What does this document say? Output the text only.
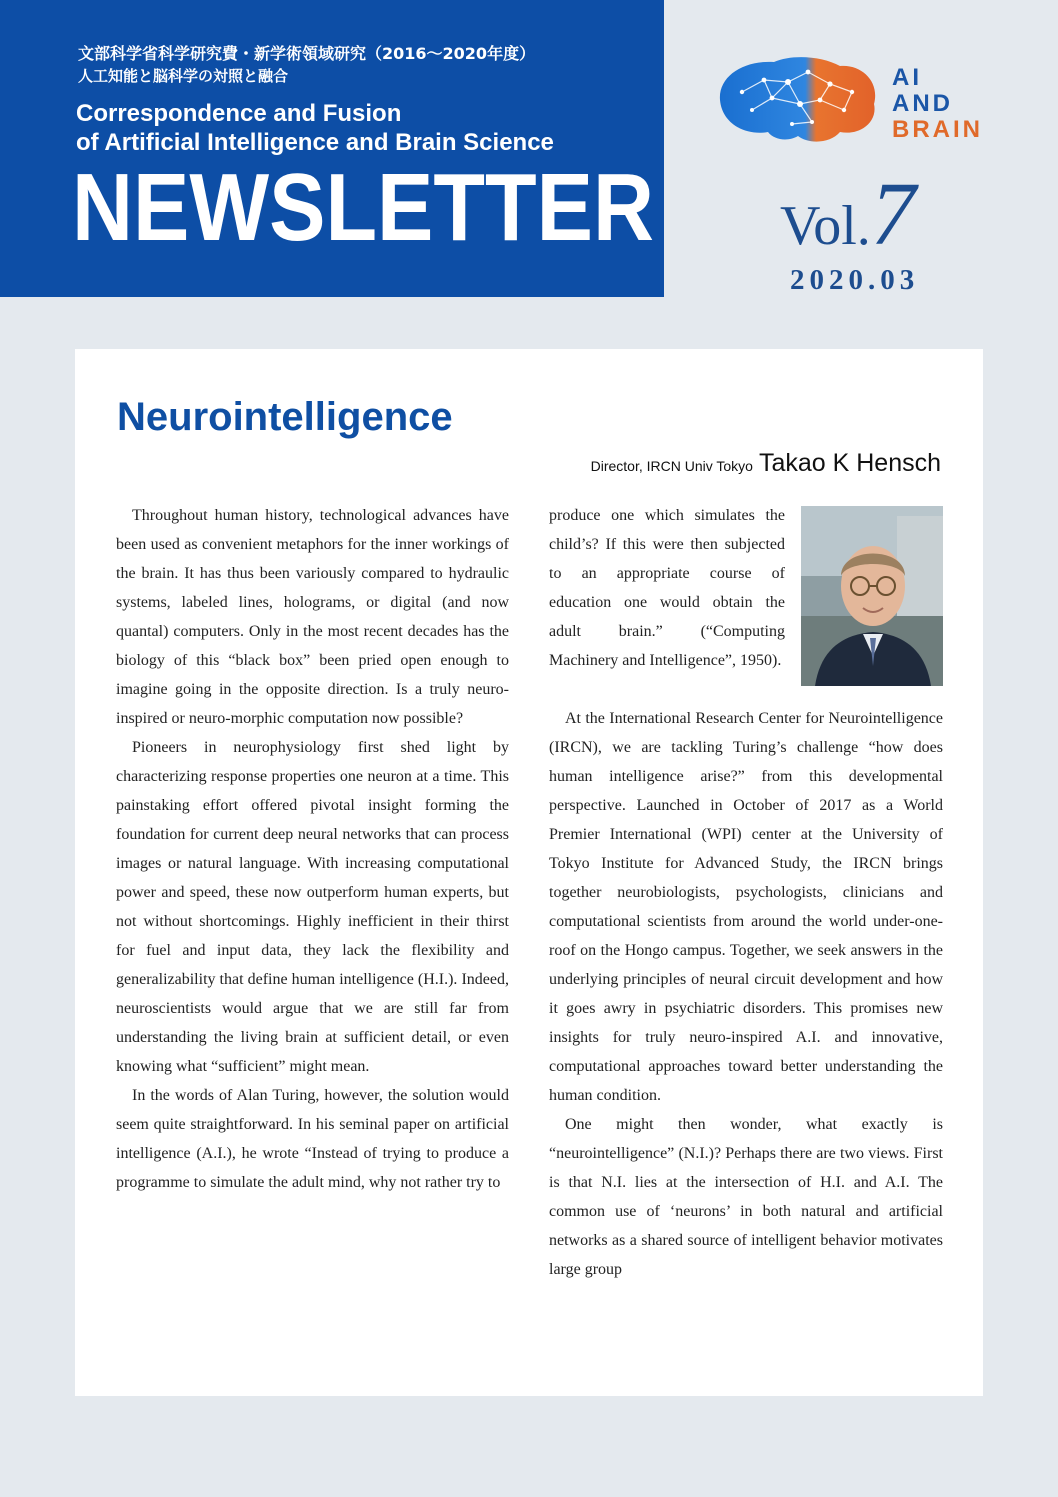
文部科学省科学研究費・新学術領域研究（2016～2020年度）
人工知能と脳科学の対照と融合
Correspondence and Fusion
of Artificial Intelligence and Brain Science
NEWSLETTER
AI
AND
BRAIN
Vol.7
2020.03
Neurointelligence
Director, IRCN Univ Tokyo Takao K Hensch

Throughout human history, technological advances have been used as convenient metaphors for the inner workings of the brain. It has thus been variously compared to hydraulic systems, labeled lines, holograms, or digital (and now quantal) computers. Only in the most recent decades has the biology of this “black box” been pried open enough to imagine going in the opposite direction. Is a truly neuro-inspired or neuro-morphic computation now possible?

Pioneers in neurophysiology first shed light by characterizing response properties one neuron at a time. This painstaking effort offered pivotal insight forming the foundation for current deep neural networks that can process images or natural language. With increasing computational power and speed, these now outperform human experts, but not without shortcomings. Highly inefficient in their thirst for fuel and input data, they lack the flexibility and generalizability that define human intelligence (H.I.). Indeed, neuroscientists would argue that we are still far from understanding the living brain at sufficient detail, or even knowing what “sufficient” might mean.

In the words of Alan Turing, however, the solution would seem quite straightforward. In his seminal paper on artificial intelligence (A.I.), he wrote “Instead of trying to produce a programme to simulate the adult mind, why not rather try to

produce one which simulates the child’s? If this were then subjected to an appropriate course of education one would obtain the adult brain.” (“Computing Machinery and Intelligence”, 1950).

At the International Research Center for Neurointelligence (IRCN), we are tackling Turing’s challenge “how does human intelligence arise?” from this developmental perspective. Launched in October of 2017 as a World Premier International (WPI) center at the University of Tokyo Institute for Advanced Study, the IRCN brings together neurobiologists, psychologists, clinicians and computational scientists from around the world under-one-roof on the Hongo campus. Together, we seek answers in the underlying principles of neural circuit development and how it goes awry in psychiatric disorders. This promises new insights for truly neuro-inspired A.I. and innovative, computational approaches toward better understanding the human condition.

One might then wonder, what exactly is “neurointelligence” (N.I.)? Perhaps there are two views. First is that N.I. lies at the intersection of H.I. and A.I. The common use of ‘neurons’ in both natural and artificial networks as a shared source of intelligent behavior motivates large group
